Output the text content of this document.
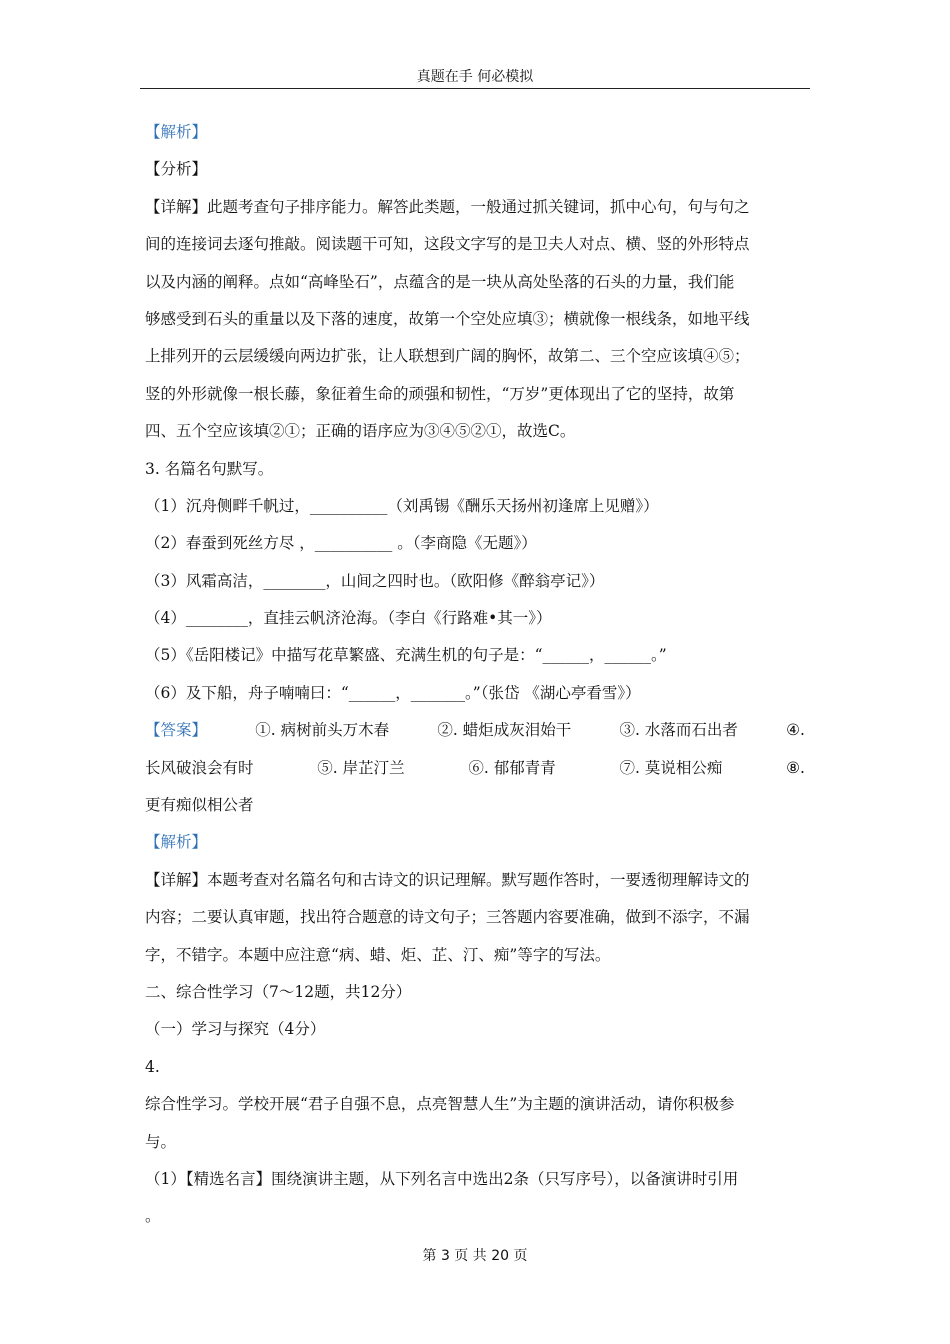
真题在手 何必模拟
【解析】
【分析】
【详解】此题考查句子排序能力。解答此类题，一般通过抓关键词，抓中心句，句与句之
间的连接词去逐句推敲。阅读题干可知，这段文字写的是卫夫人对点、横、竖的外形特点
以及内涵的阐释。点如“高峰坠石”，点蕴含的是一块从高处坠落的石头的力量，我们能
够感受到石头的重量以及下落的速度，故第一个空处应填③；横就像一根线条，如地平线
上排列开的云层缓缓向两边扩张，让人联想到广阔的胸怀，故第二、三个空应该填④⑤；
竖的外形就像一根长藤，象征着生命的顽强和韧性，“万岁”更体现出了它的坚持，故第
四、五个空应该填②①；正确的语序应为③④⑤②①，故选C。
3. 名篇名句默写。
（1）沉舟侧畔千帆过，__________（刘禹锡《酬乐天扬州初逢席上见赠》）
（2）春蚕到死丝方尽 ，__________ 。（李商隐《无题》）
（3）风霜高洁，________，山间之四时也。（欧阳修《醉翁亭记》）
（4）________，直挂云帆济沧海。（李白《行路难•其一》）
（5）《岳阳楼记》中描写花草繁盛、充满生机的句子是：“______，______。”
（6）及下船，舟子喃喃曰：“______，_______。”（张岱 《湖心亭看雪》）
【答案】	①. 病树前头万木春	②. 蜡炬成灰泪始干	③. 水落而石出者	④.
长风破浪会有时	⑤. 岸芷汀兰	⑥. 郁郁青青	⑦. 莫说相公痴	⑧.
更有痴似相公者
【解析】
【详解】本题考查对名篇名句和古诗文的识记理解。默写题作答时，一要透彻理解诗文的
内容；二要认真审题，找出符合题意的诗文句子；三答题内容要准确，做到不添字，不漏
字，不错字。本题中应注意“病、蜡、炬、芷、汀、痴”等字的写法。
二、综合性学习（7～12题，共12分）
（一）学习与探究（4分）
4.
综合性学习。学校开展“君子自强不息，点亮智慧人生”为主题的演讲活动，请你积极参
与。
（1）【精选名言】围绕演讲主题，从下列名言中选出2条（只写序号），以备演讲时引用
。
第 3 页 共 20 页
